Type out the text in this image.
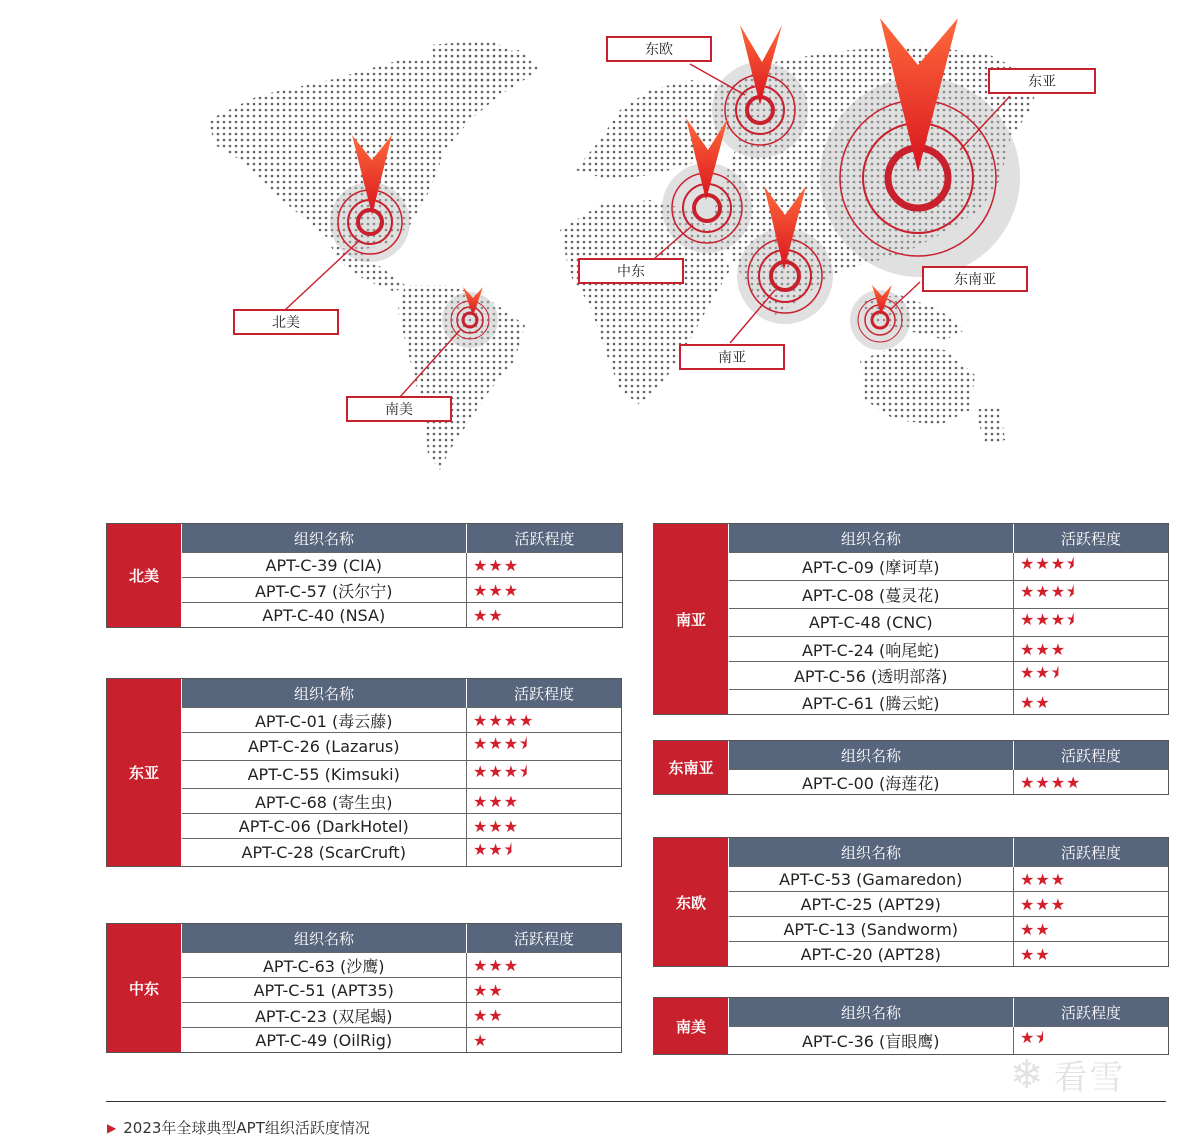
东欧
东亚
中东	东南亚
北美
南亚
南美
北美
组织名称	活跃程度
APT-C-39 (CIA)	★★★
APT-C-57 (沃尔宁)	★★★
APT-C-40 (NSA)	★★
东亚
组织名称	活跃程度
APT-C-01 (毒云藤)	★★★★
APT-C-26 (Lazarus)	★★★⯨
APT-C-55 (Kimsuki)	★★★⯨
APT-C-68 (寄生虫)	★★★
APT-C-06 (DarkHotel)	★★★
APT-C-28 (ScarCruft)	★★⯨
中东
组织名称	活跃程度
APT-C-63 (沙鹰)	★★★
APT-C-51 (APT35)	★★
APT-C-23 (双尾蝎)	★★
APT-C-49 (OilRig)	★
南亚
组织名称	活跃程度
APT-C-09 (摩诃草)	★★★⯨
APT-C-08 (蔓灵花)	★★★⯨
APT-C-48 (CNC)	★★★⯨
APT-C-24 (响尾蛇)	★★★
APT-C-56 (透明部落)	★★⯨
APT-C-61 (腾云蛇)	★★
东南亚
组织名称	活跃程度
APT-C-00 (海莲花)	★★★★
东欧
组织名称	活跃程度
APT-C-53 (Gamaredon)	★★★
APT-C-25 (APT29)	★★★
APT-C-13 (Sandworm)	★★
APT-C-20 (APT28)	★★
南美
组织名称	活跃程度
APT-C-36 (盲眼鹰)	★⯨
▶ 2023年全球典型APT组织活跃度情况
❄ 看雪
